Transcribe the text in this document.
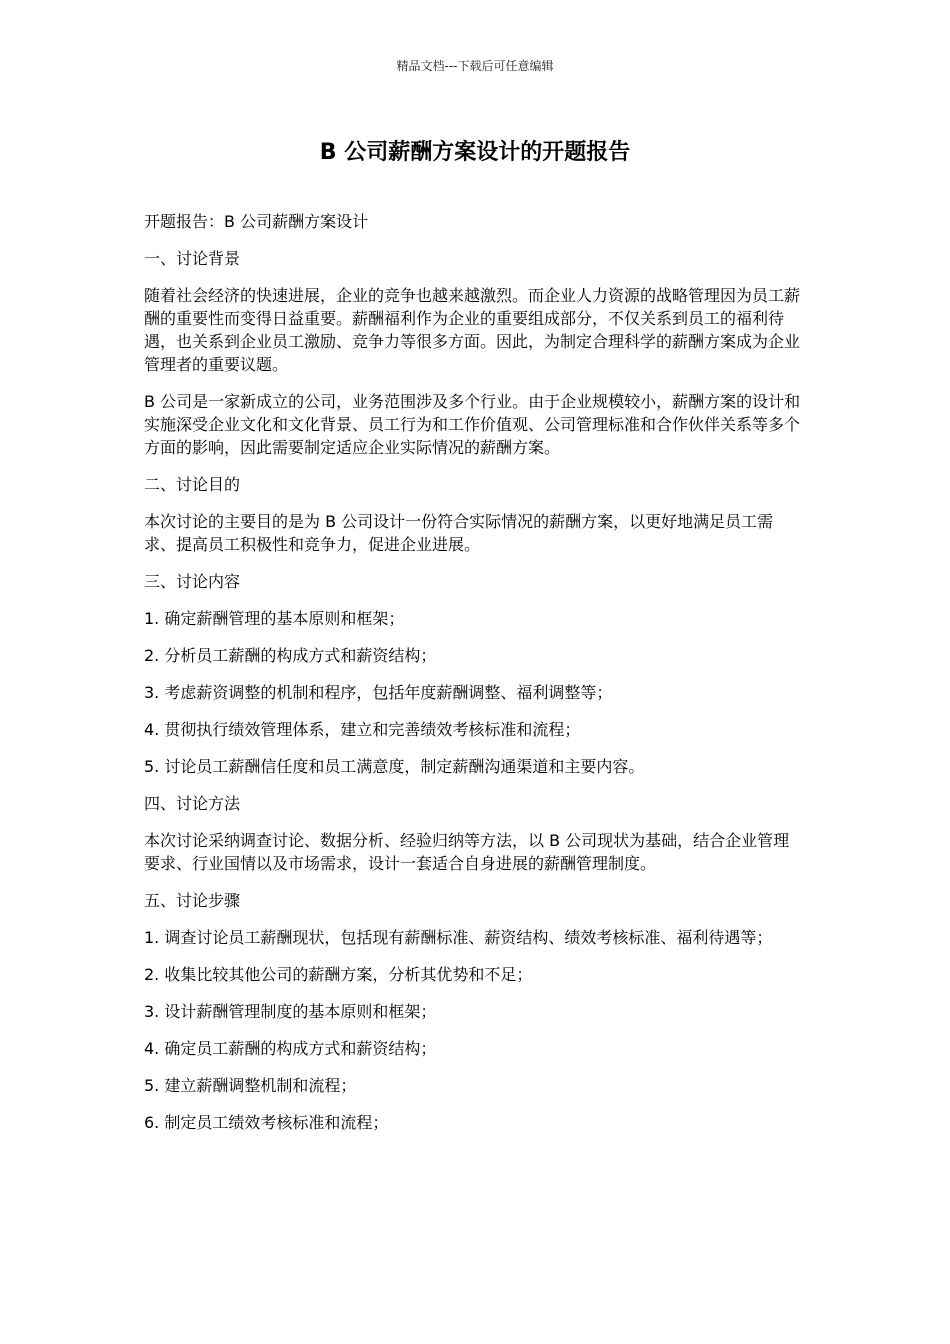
精品文档---下载后可任意编辑
B 公司薪酬方案设计的开题报告

开题报告：B 公司薪酬方案设计

一、讨论背景

随着社会经济的快速进展，企业的竞争也越来越激烈。而企业人力资源的战略管理因为员工薪酬的重要性而变得日益重要。薪酬福利作为企业的重要组成部分，不仅关系到员工的福利待遇，也关系到企业员工激励、竞争力等很多方面。因此，为制定合理科学的薪酬方案成为企业管理者的重要议题。

B 公司是一家新成立的公司，业务范围涉及多个行业。由于企业规模较小，薪酬方案的设计和实施深受企业文化和文化背景、员工行为和工作价值观、公司管理标准和合作伙伴关系等多个方面的影响，因此需要制定适应企业实际情况的薪酬方案。

二、讨论目的

本次讨论的主要目的是为 B 公司设计一份符合实际情况的薪酬方案，以更好地满足员工需求、提高员工积极性和竞争力，促进企业进展。

三、讨论内容

1. 确定薪酬管理的基本原则和框架；

2. 分析员工薪酬的构成方式和薪资结构；

3. 考虑薪资调整的机制和程序，包括年度薪酬调整、福利调整等；

4. 贯彻执行绩效管理体系，建立和完善绩效考核标准和流程；

5. 讨论员工薪酬信任度和员工满意度，制定薪酬沟通渠道和主要内容。

四、讨论方法

本次讨论采纳调查讨论、数据分析、经验归纳等方法，以 B 公司现状为基础，结合企业管理要求、行业国情以及市场需求，设计一套适合自身进展的薪酬管理制度。

五、讨论步骤

1. 调查讨论员工薪酬现状，包括现有薪酬标准、薪资结构、绩效考核标准、福利待遇等；

2. 收集比较其他公司的薪酬方案，分析其优势和不足；

3. 设计薪酬管理制度的基本原则和框架；

4. 确定员工薪酬的构成方式和薪资结构；

5. 建立薪酬调整机制和流程；

6. 制定员工绩效考核标准和流程；
